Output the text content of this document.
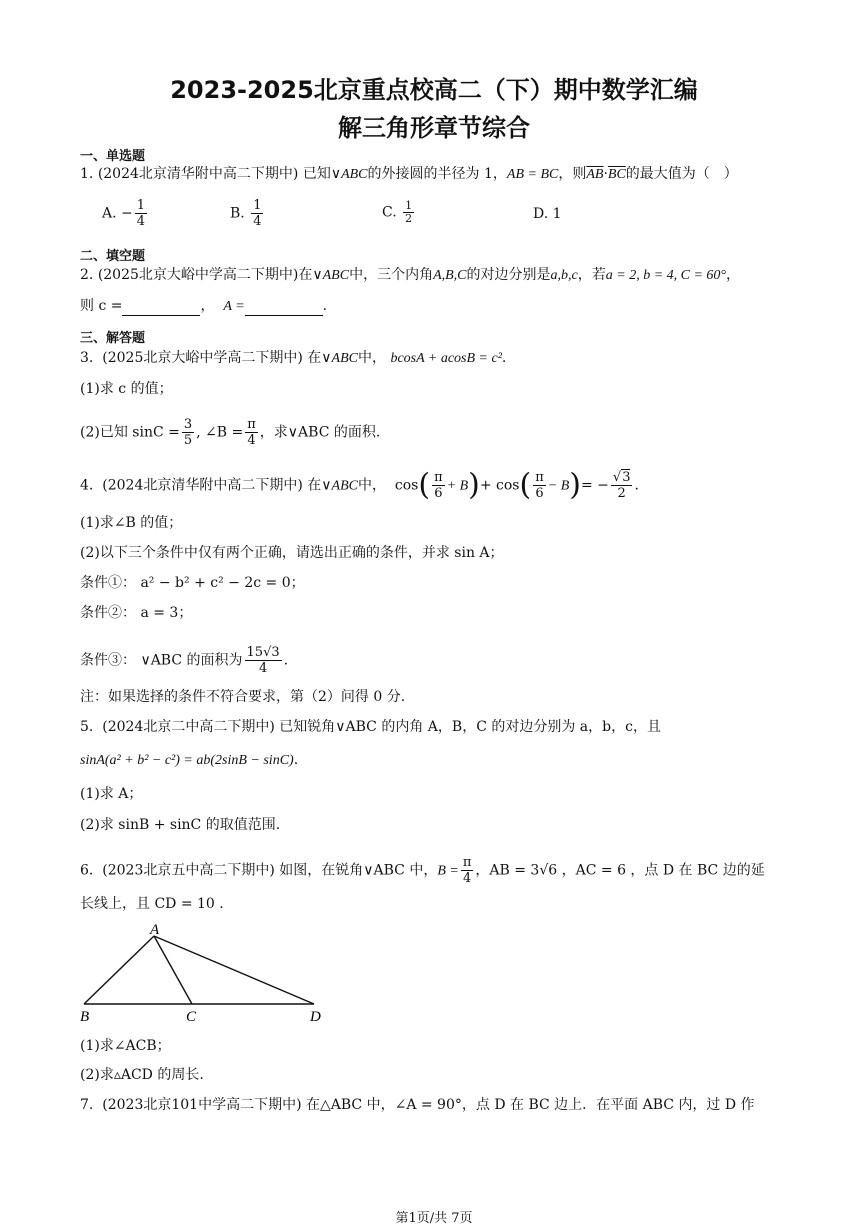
2023-2025北京重点校高二（下）期中数学汇编
解三角形章节综合
一、单选题
1. (2024北京清华附中高二下期中) 已知∨ABC的外接圆的半径为 1，AB = BC，则$\overline{AB}\cdot\overline{BC}$的最大值为（　）
A. − $\frac{1}{4}$	B. $\frac{1}{4}$	C. $\frac{1}{2}$	D. 1
二、填空题
2. (2025北京大峪中学高二下期中)在∨ABC中，三个内角A,B,C的对边分别是a,b,c，若a = 2, b = 4, C = 60°，
则 c =	， A =	.
三、解答题
3. (2025北京大峪中学高二下期中) 在∨ABC中， bcosA + acosB = c².
(1)求 c 的值；
(2)已知 $\sin C = \frac{3}{5}$ , ∠B = $\frac{\pi}{4}$ ，求∨ABC 的面积.
4. (2024北京清华附中高二下期中) 在∨ABC中， $\cos( \frac{\pi}{6} + B)+ \cos( \frac{\pi}{6} - B)= - \frac{√3}{2}$ .
(1)求∠B 的值；
(2)以下三个条件中仅有两个正确，请选出正确的条件，并求 sin A；
条件①： a² − b² + c² − 2c = 0；
条件②： a = 3；
条件③： ∨ABC 的面积为 $\frac{15√3}{4}$ .
注：如果选择的条件不符合要求，第（2）问得 0 分.
5. (2024北京二中高二下期中) 已知锐角∨ABC 的内角 A，B，C 的对边分别为 a，b，c，且
sinA(a² + b² − c²) = ab(2sinB − sinC).
(1)求 A；
(2)求 sinB + sinC 的取值范围.
6. (2023北京五中高二下期中) 如图，在锐角∨ABC 中，$B = \frac{\pi}{4}$ ，AB = 3√6 ，AC = 6 ，点 D 在 BC 边的延
长线上，且 CD = 10 .
A
B	C	D
(1)求∠ACB；
(2)求▵ACD 的周长.
7. (2023北京101中学高二下期中) 在△ABC 中，∠A = 90°，点 D 在 BC 边上．在平面 ABC 内，过 D 作
第1页/共 7页
